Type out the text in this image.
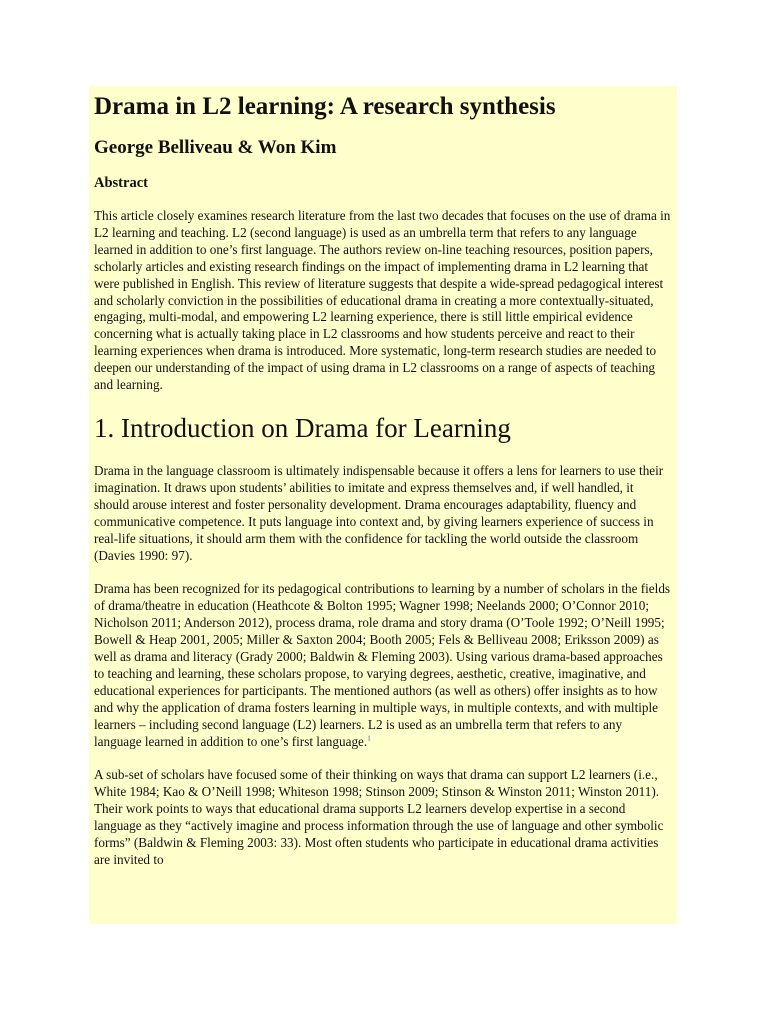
Drama in L2 learning: A research synthesis
George Belliveau & Won Kim
Abstract

This article closely examines research literature from the last two decades that focuses on the use of drama in L2 learning and teaching. L2 (second language) is used as an umbrella term that refers to any language learned in addition to one’s first language. The authors review on-line teaching resources, position papers, scholarly articles and existing research findings on the impact of implementing drama in L2 learning that were published in English. This review of literature suggests that despite a wide-spread pedagogical interest and scholarly conviction in the possibilities of educational drama in creating a more contextually-situated, engaging, multi-modal, and empowering L2 learning experience, there is still little empirical evidence concerning what is actually taking place in L2 classrooms and how students perceive and react to their learning experiences when drama is introduced. More systematic, long-term research studies are needed to deepen our understanding of the impact of using drama in L2 classrooms on a range of aspects of teaching and learning.

1. Introduction on Drama for Learning

Drama in the language classroom is ultimately indispensable because it offers a lens for learners to use their imagination. It draws upon students’ abilities to imitate and express themselves and, if well handled, it should arouse interest and foster personality development. Drama encourages adaptability, fluency and communicative competence. It puts language into context and, by giving learners experience of success in real-life situations, it should arm them with the confidence for tackling the world outside the classroom (Davies 1990: 97).

Drama has been recognized for its pedagogical contributions to learning by a number of scholars in the fields of drama/theatre in education (Heathcote & Bolton 1995; Wagner 1998; Neelands 2000; O’Connor 2010; Nicholson 2011; Anderson 2012), process drama, role drama and story drama (O’Toole 1992; O’Neill 1995; Bowell & Heap 2001, 2005; Miller & Saxton 2004; Booth 2005; Fels & Belliveau 2008; Eriksson 2009) as well as drama and literacy (Grady 2000; Baldwin & Fleming 2003). Using various drama-based approaches to teaching and learning, these scholars propose, to varying degrees, aesthetic, creative, imaginative, and educational experiences for participants. The mentioned authors (as well as others) offer insights as to how and why the application of drama fosters learning in multiple ways, in multiple contexts, and with multiple learners – including second language (L2) learners. L2 is used as an umbrella term that refers to any language learned in addition to one’s first language.$^1$

A sub-set of scholars have focused some of their thinking on ways that drama can support L2 learners (i.e., White 1984; Kao & O’Neill 1998; Whiteson 1998; Stinson 2009; Stinson & Winston 2011; Winston 2011). Their work points to ways that educational drama supports L2 learners develop expertise in a second language as they “actively imagine and process information through the use of language and other symbolic forms” (Baldwin & Fleming 2003: 33). Most often students who participate in educational drama activities are invited to
